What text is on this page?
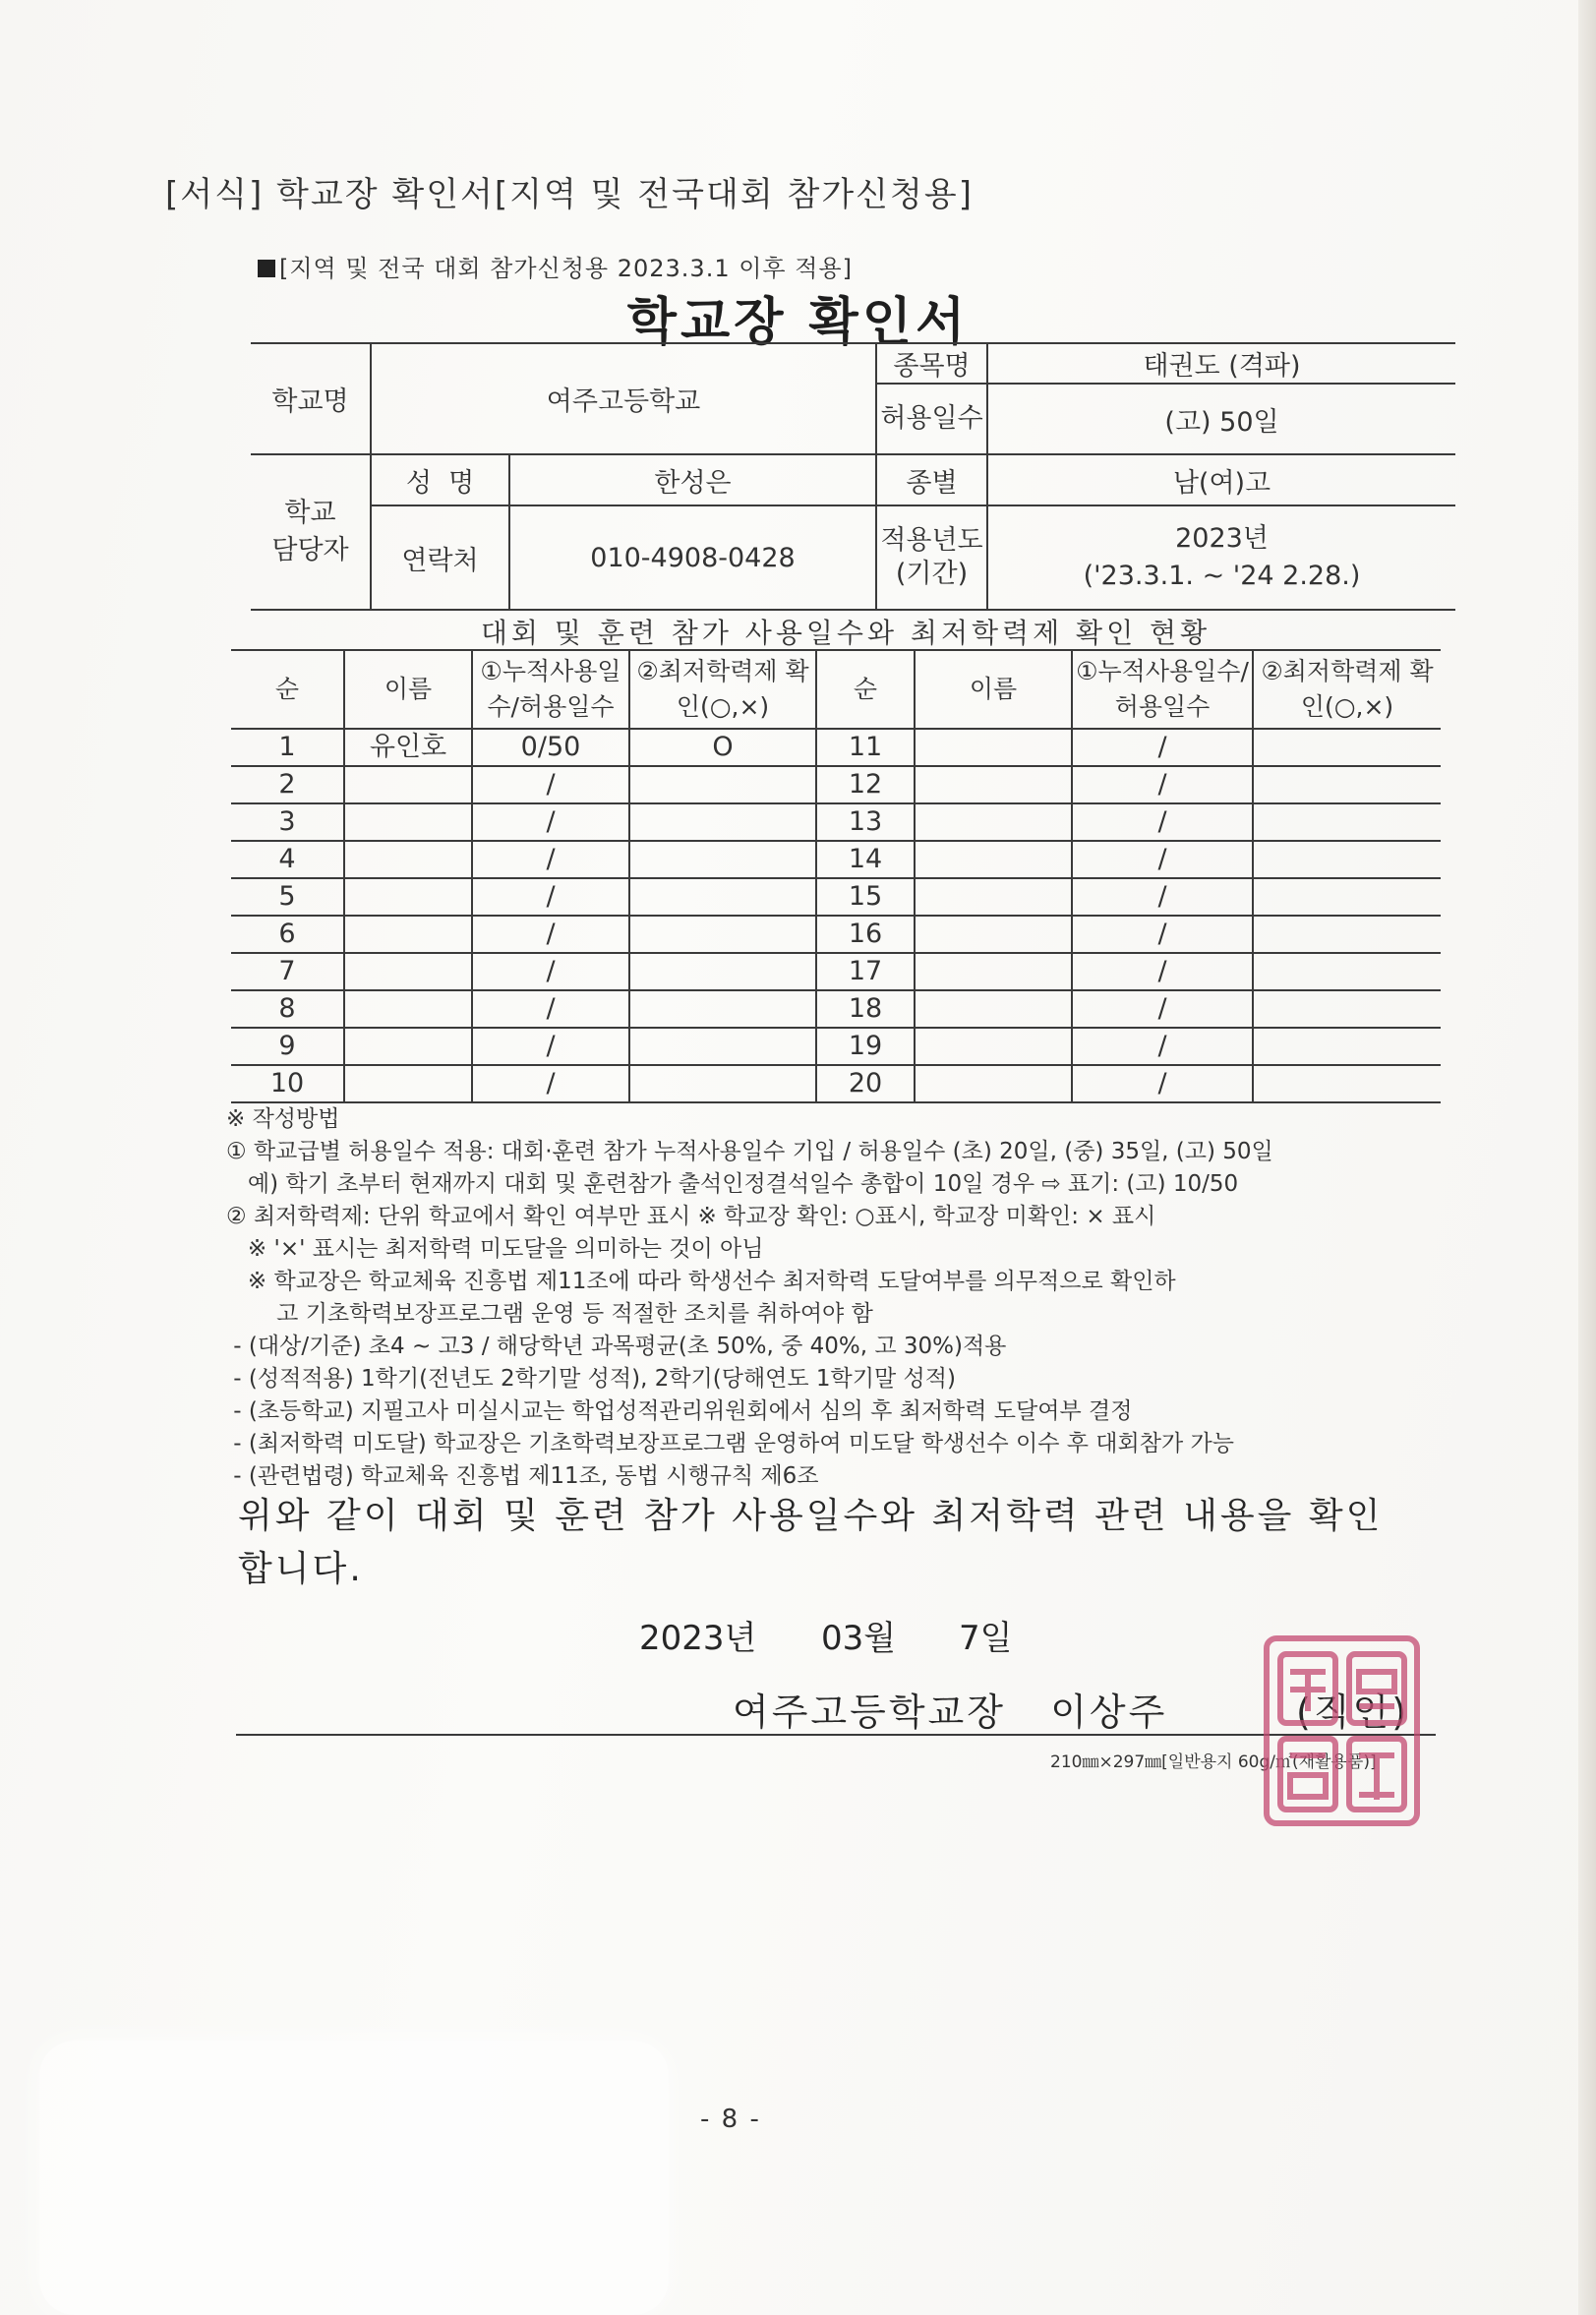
[서식] 학교장 확인서[지역 및 전국대회 참가신청용]
[지역 및 전국 대회 참가신청용 2023.3.1 이후 적용]
학교장 확인서
학교명	여주고등학교		종목명	태권도 (격파)
			허용일수	(고) 50일
학교
담당자	성  명	한성은	종별	남(여)고
	연락처	010-4908-0428	적용년도 (기간)	2023년
('23.3.1. ~ '24 2.28.)
대회 및 훈련 참가 사용일수와 최저학력제 확인 현황
순	이름	①누적사용일수/허용일수	②최저학력제 확인(○,×)	순	이름	①누적사용일수/허용일수	②최저학력제 확인(○,×)
1	유인호	0/50	O	11		/	
2		/		12		/	
3		/		13		/	
4		/		14		/	
5		/		15		/	
6		/		16		/	
7		/		17		/	
8		/		18		/	
9		/		19		/	
10		/		20		/	
※ 작성방법
① 학교급별 허용일수 적용: 대회·훈련 참가 누적사용일수 기입 / 허용일수 (초) 20일, (중) 35일, (고) 50일
예) 학기 초부터 현재까지 대회 및 훈련참가 출석인정결석일수 총합이 10일 경우 ⇨ 표기: (고) 10/50
② 최저학력제: 단위 학교에서 확인 여부만 표시 ※ 학교장 확인: ○표시, 학교장 미확인: × 표시
※ '×' 표시는 최저학력 미도달을 의미하는 것이 아님
※ 학교장은 학교체육 진흥법 제11조에 따라 학생선수 최저학력 도달여부를 의무적으로 확인하
고 기초학력보장프로그램 운영 등 적절한 조치를 취하여야 함
- (대상/기준) 초4 ~ 고3 / 해당학년 과목평균(초 50%, 중 40%, 고 30%)적용
- (성적적용) 1학기(전년도 2학기말 성적), 2학기(당해연도 1학기말 성적)
- (초등학교) 지필고사 미실시교는 학업성적관리위원회에서 심의 후 최저학력 도달여부 결정
- (최저학력 미도달) 학교장은 기초학력보장프로그램 운영하여 미도달 학생선수 이수 후 대회참가 가능
- (관련법령) 학교체육 진흥법 제11조, 동법 시행규칙 제6조
위와 같이 대회 및 훈련 참가 사용일수와 최저학력 관련 내용을 확인
합니다.
2023년 03월 7일
여주고등학교장   이상주	(직인)
210㎜×297㎜[일반용지 60g/㎡(재활용품)]
- 8 -
